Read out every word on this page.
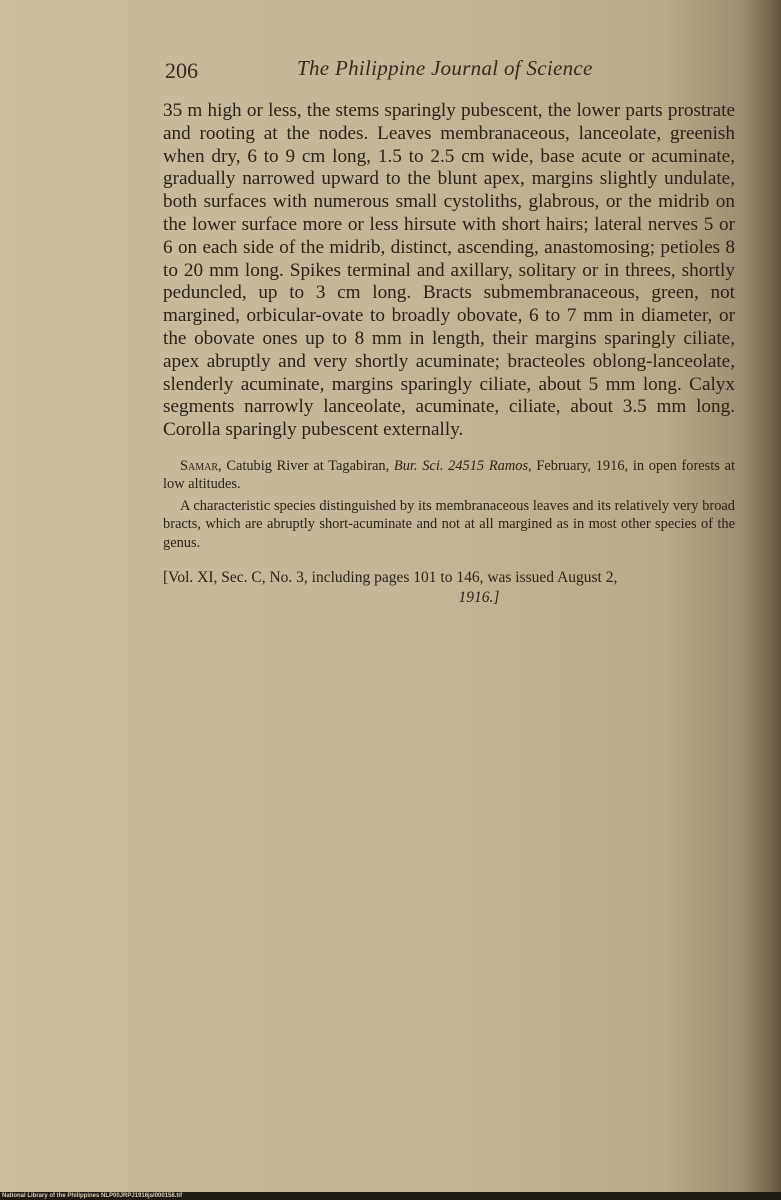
206	The Philippine Journal of Science

35 m high or less, the stems sparingly pubescent, the lower parts prostrate and rooting at the nodes. Leaves membranaceous, lanceolate, greenish when dry, 6 to 9 cm long, 1.5 to 2.5 cm wide, base acute or acuminate, gradually narrowed upward to the blunt apex, margins slightly undulate, both surfaces with numerous small cystoliths, glabrous, or the midrib on the lower surface more or less hirsute with short hairs; lateral nerves 5 or 6 on each side of the midrib, distinct, ascending, anastomosing; petioles 8 to 20 mm long. Spikes terminal and axillary, solitary or in threes, shortly peduncled, up to 3 cm long. Bracts submembranaceous, green, not margined, orbicular-ovate to broadly obovate, 6 to 7 mm in diameter, or the obovate ones up to 8 mm in length, their margins sparingly ciliate, apex abruptly and very shortly acuminate; bracteoles oblong-lanceolate, slenderly acuminate, margins sparingly ciliate, about 5 mm long. Calyx segments narrowly lanceolate, acuminate, ciliate, about 3.5 mm long. Corolla sparingly pubescent externally.

Samar, Catubig River at Tagabiran, Bur. Sci. 24515 Ramos, February, 1916, in open forests at low altitudes.

A characteristic species distinguished by its membranaceous leaves and its relatively very broad bracts, which are abruptly short-acuminate and not at all margined as in most other species of the genus.

[Vol. XI, Sec. C, No. 3, including pages 101 to 146, was issued August 2,
1916.]

National Library of the Philippines NLP00JRPJ1916jsl000158.tif
